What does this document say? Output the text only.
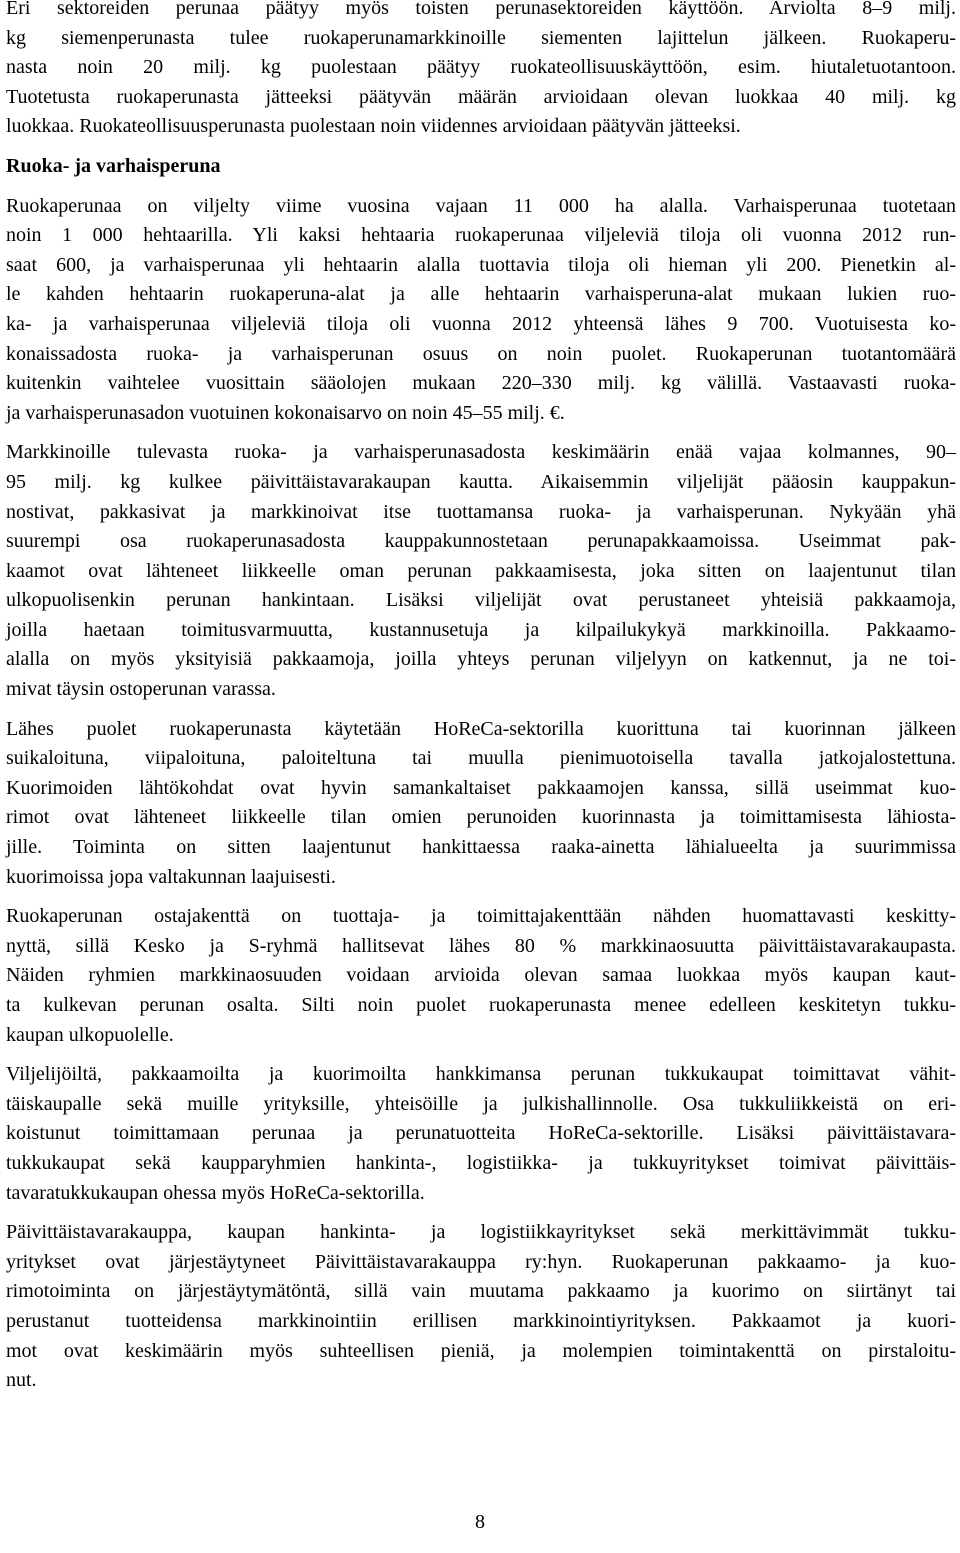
Eri sektoreiden perunaa päätyy myös toisten perunasektoreiden käyttöön. Arviolta 8–9 milj.
kg siemenperunasta tulee ruokaperunamarkkinoille siementen lajittelun jälkeen. Ruokaperu-
nasta noin 20 milj. kg puolestaan päätyy ruokateollisuuskäyttöön, esim. hiutaletuotantoon.
Tuotetusta ruokaperunasta jätteeksi päätyvän määrän arvioidaan olevan luokkaa 40 milj. kg
luokkaa. Ruokateollisuusperunasta puolestaan noin viidennes arvioidaan päätyvän jätteeksi.
Ruoka- ja varhaisperuna
Ruokaperunaa on viljelty viime vuosina vajaan 11 000 ha alalla. Varhaisperunaa tuotetaan
noin 1 000 hehtaarilla. Yli kaksi hehtaaria ruokaperunaa viljeleviä tiloja oli vuonna 2012 run-
saat 600, ja varhaisperunaa yli hehtaarin alalla tuottavia tiloja oli hieman yli 200. Pienetkin al-
le kahden hehtaarin ruokaperuna-alat ja alle hehtaarin varhaisperuna-alat mukaan lukien ruo-
ka- ja varhaisperunaa viljeleviä tiloja oli vuonna 2012 yhteensä lähes 9 700. Vuotuisesta ko-
konaissadosta ruoka- ja varhaisperunan osuus on noin puolet. Ruokaperunan tuotantomäärä
kuitenkin vaihtelee vuosittain sääolojen mukaan 220–330 milj. kg välillä. Vastaavasti ruoka-
ja varhaisperunasadon vuotuinen kokonaisarvo on noin 45–55 milj. €.
Markkinoille tulevasta ruoka- ja varhaisperunasadosta keskimäärin enää vajaa kolmannes, 90–
95 milj. kg kulkee päivittäistavarakaupan kautta. Aikaisemmin viljelijät pääosin kauppakun-
nostivat, pakkasivat ja markkinoivat itse tuottamansa ruoka- ja varhaisperunan. Nykyään yhä
suurempi osa ruokaperunasadosta kauppakunnostetaan perunapakkaamoissa. Useimmat pak-
kaamot ovat lähteneet liikkeelle oman perunan pakkaamisesta, joka sitten on laajentunut tilan
ulkopuolisenkin perunan hankintaan. Lisäksi viljelijät ovat perustaneet yhteisiä pakkaamoja,
joilla haetaan toimitusvarmuutta, kustannusetuja ja kilpailukykyä markkinoilla. Pakkaamo-
alalla on myös yksityisiä pakkaamoja, joilla yhteys perunan viljelyyn on katkennut, ja ne toi-
mivat täysin ostoperunan varassa.
Lähes puolet ruokaperunasta käytetään HoReCa-sektorilla kuorittuna tai kuorinnan jälkeen
suikaloituna, viipaloituna, paloiteltuna tai muulla pienimuotoisella tavalla jatkojalostettuna.
Kuorimoiden lähtökohdat ovat hyvin samankaltaiset pakkaamojen kanssa, sillä useimmat kuo-
rimot ovat lähteneet liikkeelle tilan omien perunoiden kuorinnasta ja toimittamisesta lähiosta-
jille. Toiminta on sitten laajentunut hankittaessa raaka-ainetta lähialueelta ja suurimmissa
kuorimoissa jopa valtakunnan laajuisesti.
Ruokaperunan ostajakenttä on tuottaja- ja toimittajakenttään nähden huomattavasti keskitty-
nyttä, sillä Kesko ja S-ryhmä hallitsevat lähes 80 % markkinaosuutta päivittäistavarakaupasta.
Näiden ryhmien markkinaosuuden voidaan arvioida olevan samaa luokkaa myös kaupan kaut-
ta kulkevan perunan osalta. Silti noin puolet ruokaperunasta menee edelleen keskitetyn tukku-
kaupan ulkopuolelle.
Viljelijöiltä, pakkaamoilta ja kuorimoilta hankkimansa perunan tukkukaupat toimittavat vähit-
täiskaupalle sekä muille yrityksille, yhteisöille ja julkishallinnolle. Osa tukkuliikkeistä on eri-
koistunut toimittamaan perunaa ja perunatuotteita HoReCa-sektorille. Lisäksi päivittäistavara-
tukkukaupat sekä kaupparyhmien hankinta-, logistiikka- ja tukkuyritykset toimivat päivittäis-
tavaratukkukaupan ohessa myös HoReCa-sektorilla.
Päivittäistavarakauppa, kaupan hankinta- ja logistiikkayritykset sekä merkittävimmät tukku-
yritykset ovat järjestäytyneet Päivittäistavarakauppa ry:hyn. Ruokaperunan pakkaamo- ja kuo-
rimotoiminta on järjestäytymätöntä, sillä vain muutama pakkaamo ja kuorimo on siirtänyt tai
perustanut tuotteidensa markkinointiin erillisen markkinointiyrityksen. Pakkaamot ja kuori-
mot ovat keskimäärin myös suhteellisen pieniä, ja molempien toimintakenttä on pirstaloitu-
nut.
8
